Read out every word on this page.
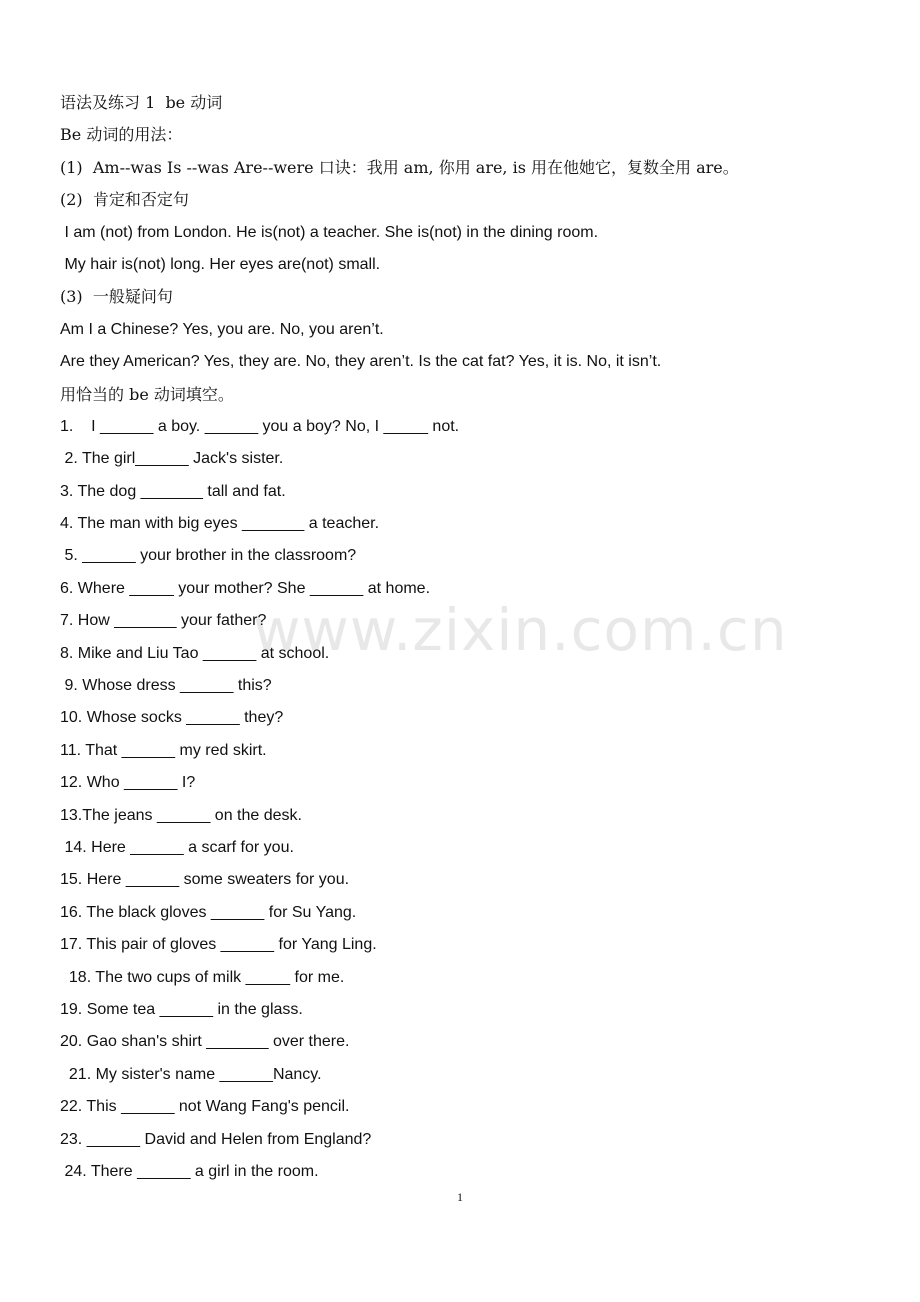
语法及练习 1  be 动词
Be 动词的用法：
(1)  Am--was Is --was Are--were 口诀：我用 am, 你用 are, is 用在他她它，复数全用 are。
(2)  肯定和否定句
I am (not) from London. He is(not) a teacher. She is(not) in the dining room.
My hair is(not) long. Her eyes are(not) small.
(3)  一般疑问句
Am I a Chinese? Yes, you are. No, you aren’t.
Are they American? Yes, they are. No, they aren’t. Is the cat fat? Yes, it is. No, it isn’t.
用恰当的 be 动词填空。
1.    I ______ a boy. ______ you a boy? No, I _____ not.
2. The girl______ Jack's sister.
3. The dog _______ tall and fat.
4. The man with big eyes _______ a teacher.
5. ______ your brother in the classroom?
6. Where _____ your mother? She ______ at home.
7. How _______ your father?
8. Mike and Liu Tao ______ at school.
9. Whose dress ______ this?
10. Whose socks ______ they?
11. That ______ my red skirt.
12. Who ______ I?
13.The jeans ______ on the desk.
14. Here ______ a scarf for you.
15. Here ______ some sweaters for you.
16. The black gloves ______ for Su Yang.
17. This pair of gloves ______ for Yang Ling.
18. The two cups of milk _____ for me.
19. Some tea ______ in the glass.
20. Gao shan's shirt _______ over there.
21. My sister's name ______Nancy.
22. This ______ not Wang Fang's pencil.
23. ______ David and Helen from England?
24. There ______ a girl in the room.
www.zixin.com.cn
1
